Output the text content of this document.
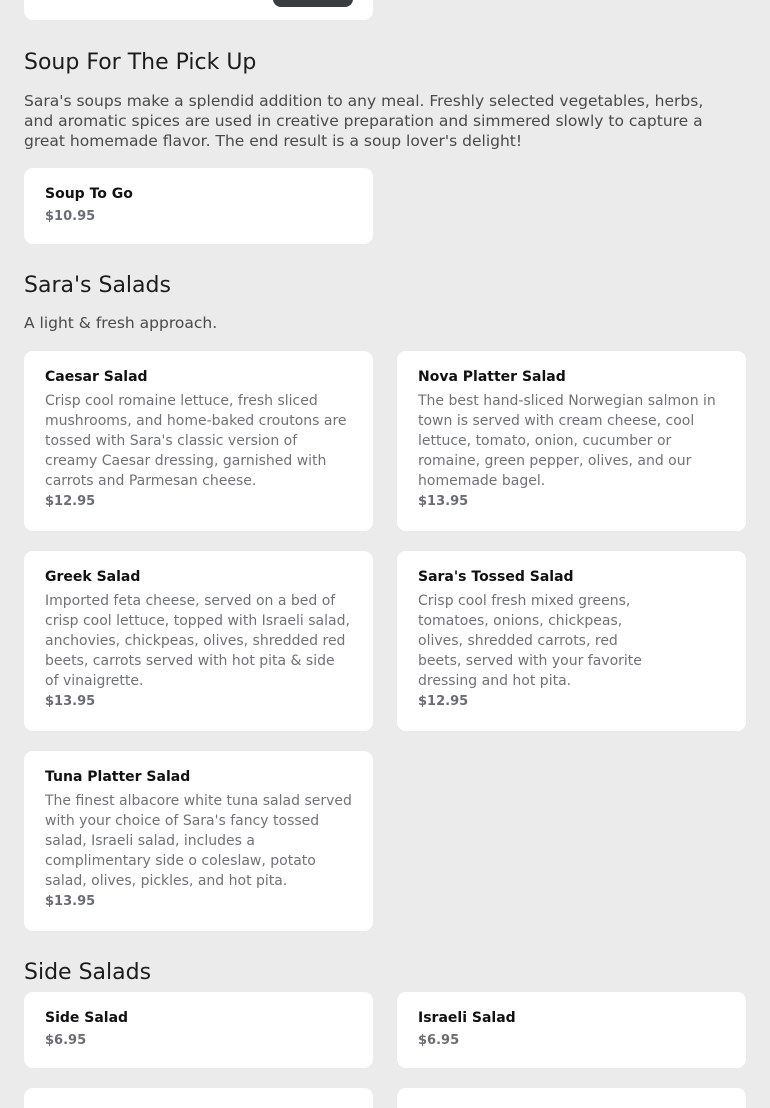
Soup For The Pick Up

Sara's soups make a splendid addition to any meal. Freshly selected vegetables, herbs, and aromatic spices are used in creative preparation and simmered slowly to capture a great homemade flavor. The end result is a soup lover's delight!

Soup To Go
$10.95
Sara's Salads

A light & fresh approach.

Caesar Salad
Crisp cool romaine lettuce, fresh sliced mushrooms, and home-baked croutons are tossed with Sara's classic version of creamy Caesar dressing, garnished with carrots and Parmesan cheese.
$12.95
Nova Platter Salad
The best hand-sliced Norwegian salmon in town is served with cream cheese, cool lettuce, tomato, onion, cucumber or romaine, green pepper, olives, and our homemade bagel.
$13.95
Greek Salad
Imported feta cheese, served on a bed of crisp cool lettuce, topped with Israeli salad, anchovies, chickpeas, olives, shredded red beets, carrots served with hot pita & side of vinaigrette.
$13.95
Sara's Tossed Salad
Crisp cool fresh mixed greens, tomatoes, onions, chickpeas, olives, shredded carrots, red beets, served with your favorite dressing and hot pita.
$12.95
Tuna Platter Salad
The finest albacore white tuna salad served with your choice of Sara's fancy tossed salad, Israeli salad, includes a complimentary side o coleslaw, potato salad, olives, pickles, and hot pita.
$13.95
Side Salads
Side Salad
$6.95
Israeli Salad
$6.95
